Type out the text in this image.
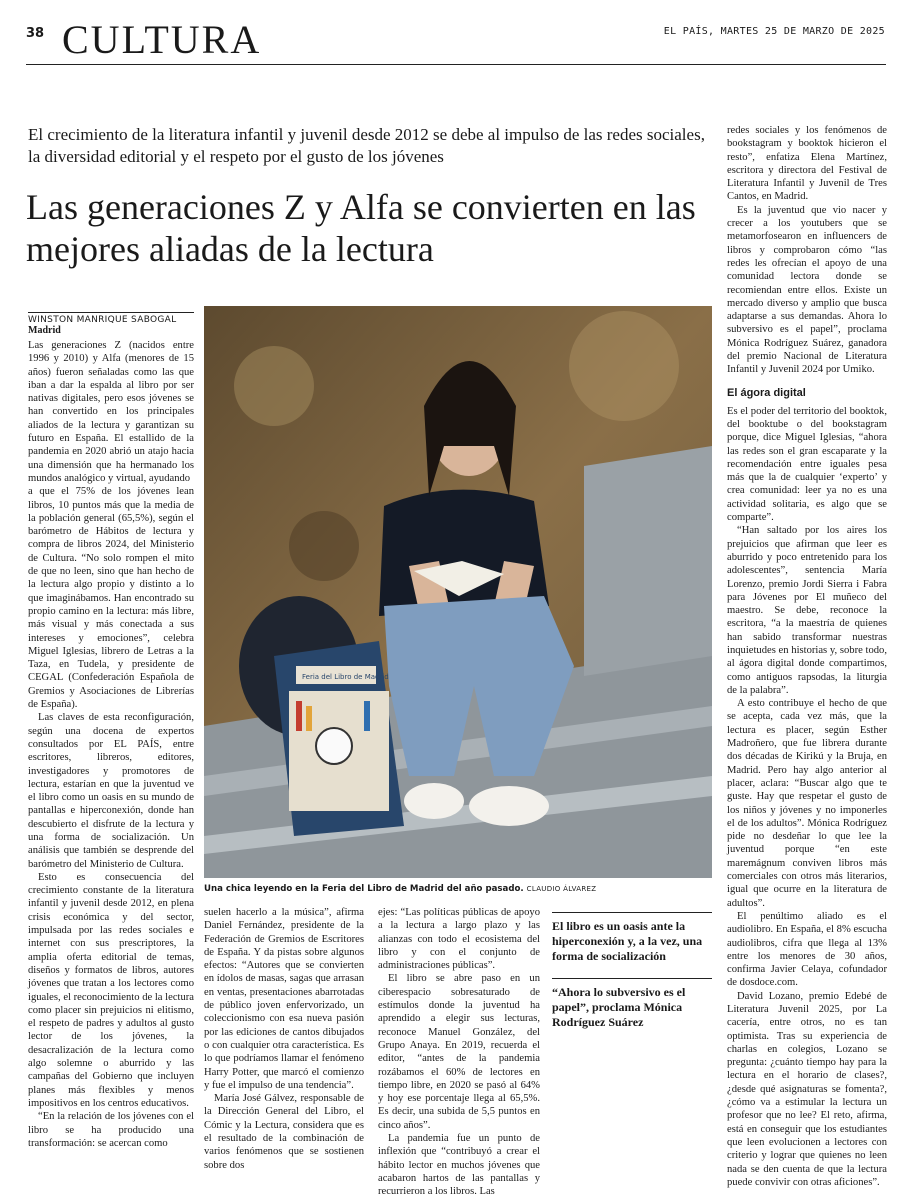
38 CULTURA	EL PAÍS, MARTES 25 DE MARZO DE 2025
El crecimiento de la literatura infantil y juvenil desde 2012 se debe al impulso de las redes sociales, la diversidad editorial y el respeto por el gusto de los jóvenes
Las generaciones Z y Alfa se convierten en las mejores aliadas de la lectura
WINSTON MANRIQUE SABOGAL
Madrid

Las generaciones Z (nacidos entre 1996 y 2010) y Alfa (menores de 15 años) fueron señaladas como las que iban a dar la espalda al libro por ser nativas digitales, pero esos jóvenes se han convertido en los principales aliados de la lectura y garantizan su futuro en España. El estallido de la pandemia en 2020 abrió un atajo hacia una dimensión que ha hermanado los mundos analógico y virtual, ayudando

a que el 75% de los jóvenes lean libros, 10 puntos más que la media de la población general (65,5%), según el barómetro de Hábitos de lectura y compra de libros 2024, del Ministerio de Cultura. “No solo rompen el mito de que no leen, sino que han hecho de la lectura algo propio y distinto a lo que imaginábamos. Han encontrado su propio camino en la lectura: más libre, más visual y más conectada a sus intereses y emociones”, celebra Miguel Iglesias, librero de Letras a la Taza, en Tudela, y presidente de CEGAL (Confederación Española de Gremios y Asociaciones de Librerías de España).

Las claves de esta reconfiguración, según una docena de expertos consultados por EL PAÍS, entre escritores, libreros, editores, investigadores y promotores de lectura, estarían en que la juventud ve el libro como un oasis en su mundo de pantallas e hiperconexión, donde han descubierto el disfrute de la lectura y una forma de socialización. Un análisis que también se desprende del barómetro del Ministerio de Cultura.

Esto es consecuencia del crecimiento constante de la literatura infantil y juvenil desde 2012, en plena crisis económica y del sector, impulsada por las redes sociales e internet con sus prescriptores, la amplia oferta editorial de temas, diseños y formatos de libros, autores jóvenes que tratan a los lectores como iguales, el reconocimiento de la lectura como placer sin prejuicios ni elitismo, el respeto de padres y adultos al gusto lector de los jóvenes, la desacralización de la lectura como algo solemne o aburrido y las campañas del Gobierno que incluyen planes más flexibles y menos impositivos en los centros educativos.

“En la relación de los jóvenes con el libro se ha producido una transformación: se acercan como

Feria del Libro de Madrid
Una chica leyendo en la Feria del Libro de Madrid del año pasado. CLAUDIO ÁLVAREZ

suelen hacerlo a la música”, afirma Daniel Fernández, presidente de la Federación de Gremios de Escritores de España. Y da pistas sobre algunos efectos: “Autores que se convierten en ídolos de masas, sagas que arrasan en ventas, presentaciones abarrotadas de público joven enfervorizado, un coleccionismo con esa nueva pasión por las ediciones de cantos dibujados o con cualquier otra característica. Es lo que podríamos llamar el fenómeno Harry Potter, que marcó el comienzo y fue el impulso de una tendencia”.

María José Gálvez, responsable de la Dirección General del Libro, el Cómic y la Lectura, considera que es el resultado de la combinación de varios fenómenos que se sostienen sobre dos

ejes: “Las políticas públicas de apoyo a la lectura a largo plazo y las alianzas con todo el ecosistema del libro y con el conjunto de administraciones públicas”.

El libro se abre paso en un ciberespacio sobresaturado de estímulos donde la juventud ha aprendido a elegir sus lecturas, reconoce Manuel González, del Grupo Anaya. En 2019, recuerda el editor, “antes de la pandemia rozábamos el 60% de lectores en tiempo libre, en 2020 se pasó al 64% y hoy ese porcentaje llega al 65,5%. Es decir, una subida de 5,5 puntos en cinco años”.

La pandemia fue un punto de inflexión que “contribuyó a crear el hábito lector en muchos jóvenes que acabaron hartos de las pantallas y recurrieron a los libros. Las

El libro es un oasis ante la hiperconexión y, a la vez, una forma de socialización
“Ahora lo subversivo es el papel”, proclama Mónica Rodríguez Suárez

redes sociales y los fenómenos de bookstagram y booktok hicieron el resto”, enfatiza Elena Martínez, escritora y directora del Festival de Literatura Infantil y Juvenil de Tres Cantos, en Madrid.

Es la juventud que vio nacer y crecer a los youtubers que se metamorfosearon en influencers de libros y comprobaron cómo “las redes les ofrecían el apoyo de una comunidad lectora donde se recomiendan entre ellos. Existe un mercado diverso y amplio que busca adaptarse a sus demandas. Ahora lo subversivo es el papel”, proclama Mónica Rodríguez Suárez, ganadora del premio Nacional de Literatura Infantil y Juvenil 2024 por Umiko.

El ágora digital

Es el poder del territorio del booktok, del booktube o del bookstagram porque, dice Miguel Iglesias, “ahora las redes son el gran escaparate y la recomendación entre iguales pesa más que la de cualquier ‘experto’ y crea comunidad: leer ya no es una actividad solitaria, es algo que se comparte”.

“Han saltado por los aires los prejuicios que afirman que leer es aburrido y poco entretenido para los adolescentes”, sentencia María Lorenzo, premio Jordi Sierra i Fabra para Jóvenes por El muñeco del maestro. Se debe, reconoce la escritora, “a la maestría de quienes han sabido transformar nuestras inquietudes en historias y, sobre todo, al ágora digital donde compartimos, como antiguos rapsodas, la liturgia de la palabra”.

A esto contribuye el hecho de que se acepta, cada vez más, que la lectura es placer, según Esther Madroñero, que fue librera durante dos décadas de Kirikú y la Bruja, en Madrid. Pero hay algo anterior al placer, aclara: “Buscar algo que te guste. Hay que respetar el gusto de los niños y jóvenes y no imponerles el de los adultos”. Mónica Rodríguez pide no desdeñar lo que lee la juventud porque “en este maremágnum conviven libros más comerciales con otros más literarios, igual que ocurre en la literatura de adultos”.

El penúltimo aliado es el audiolibro. En España, el 8% escucha audiolibros, cifra que llega al 13% entre los menores de 30 años, confirma Javier Celaya, cofundador de dosdoce.com.

David Lozano, premio Edebé de Literatura Juvenil 2025, por La cacería, entre otros, no es tan optimista. Tras su experiencia de charlas en colegios, Lozano se pregunta: ¿cuánto tiempo hay para la lectura en el horario de clases?, ¿desde qué asignaturas se fomenta?, ¿cómo va a estimular la lectura un profesor que no lee? El reto, afirma, está en conseguir que los estudiantes que leen evolucionen a lectores con criterio y lograr que quienes no leen nada se den cuenta de que la lectura puede convivir con otras aficiones”.
